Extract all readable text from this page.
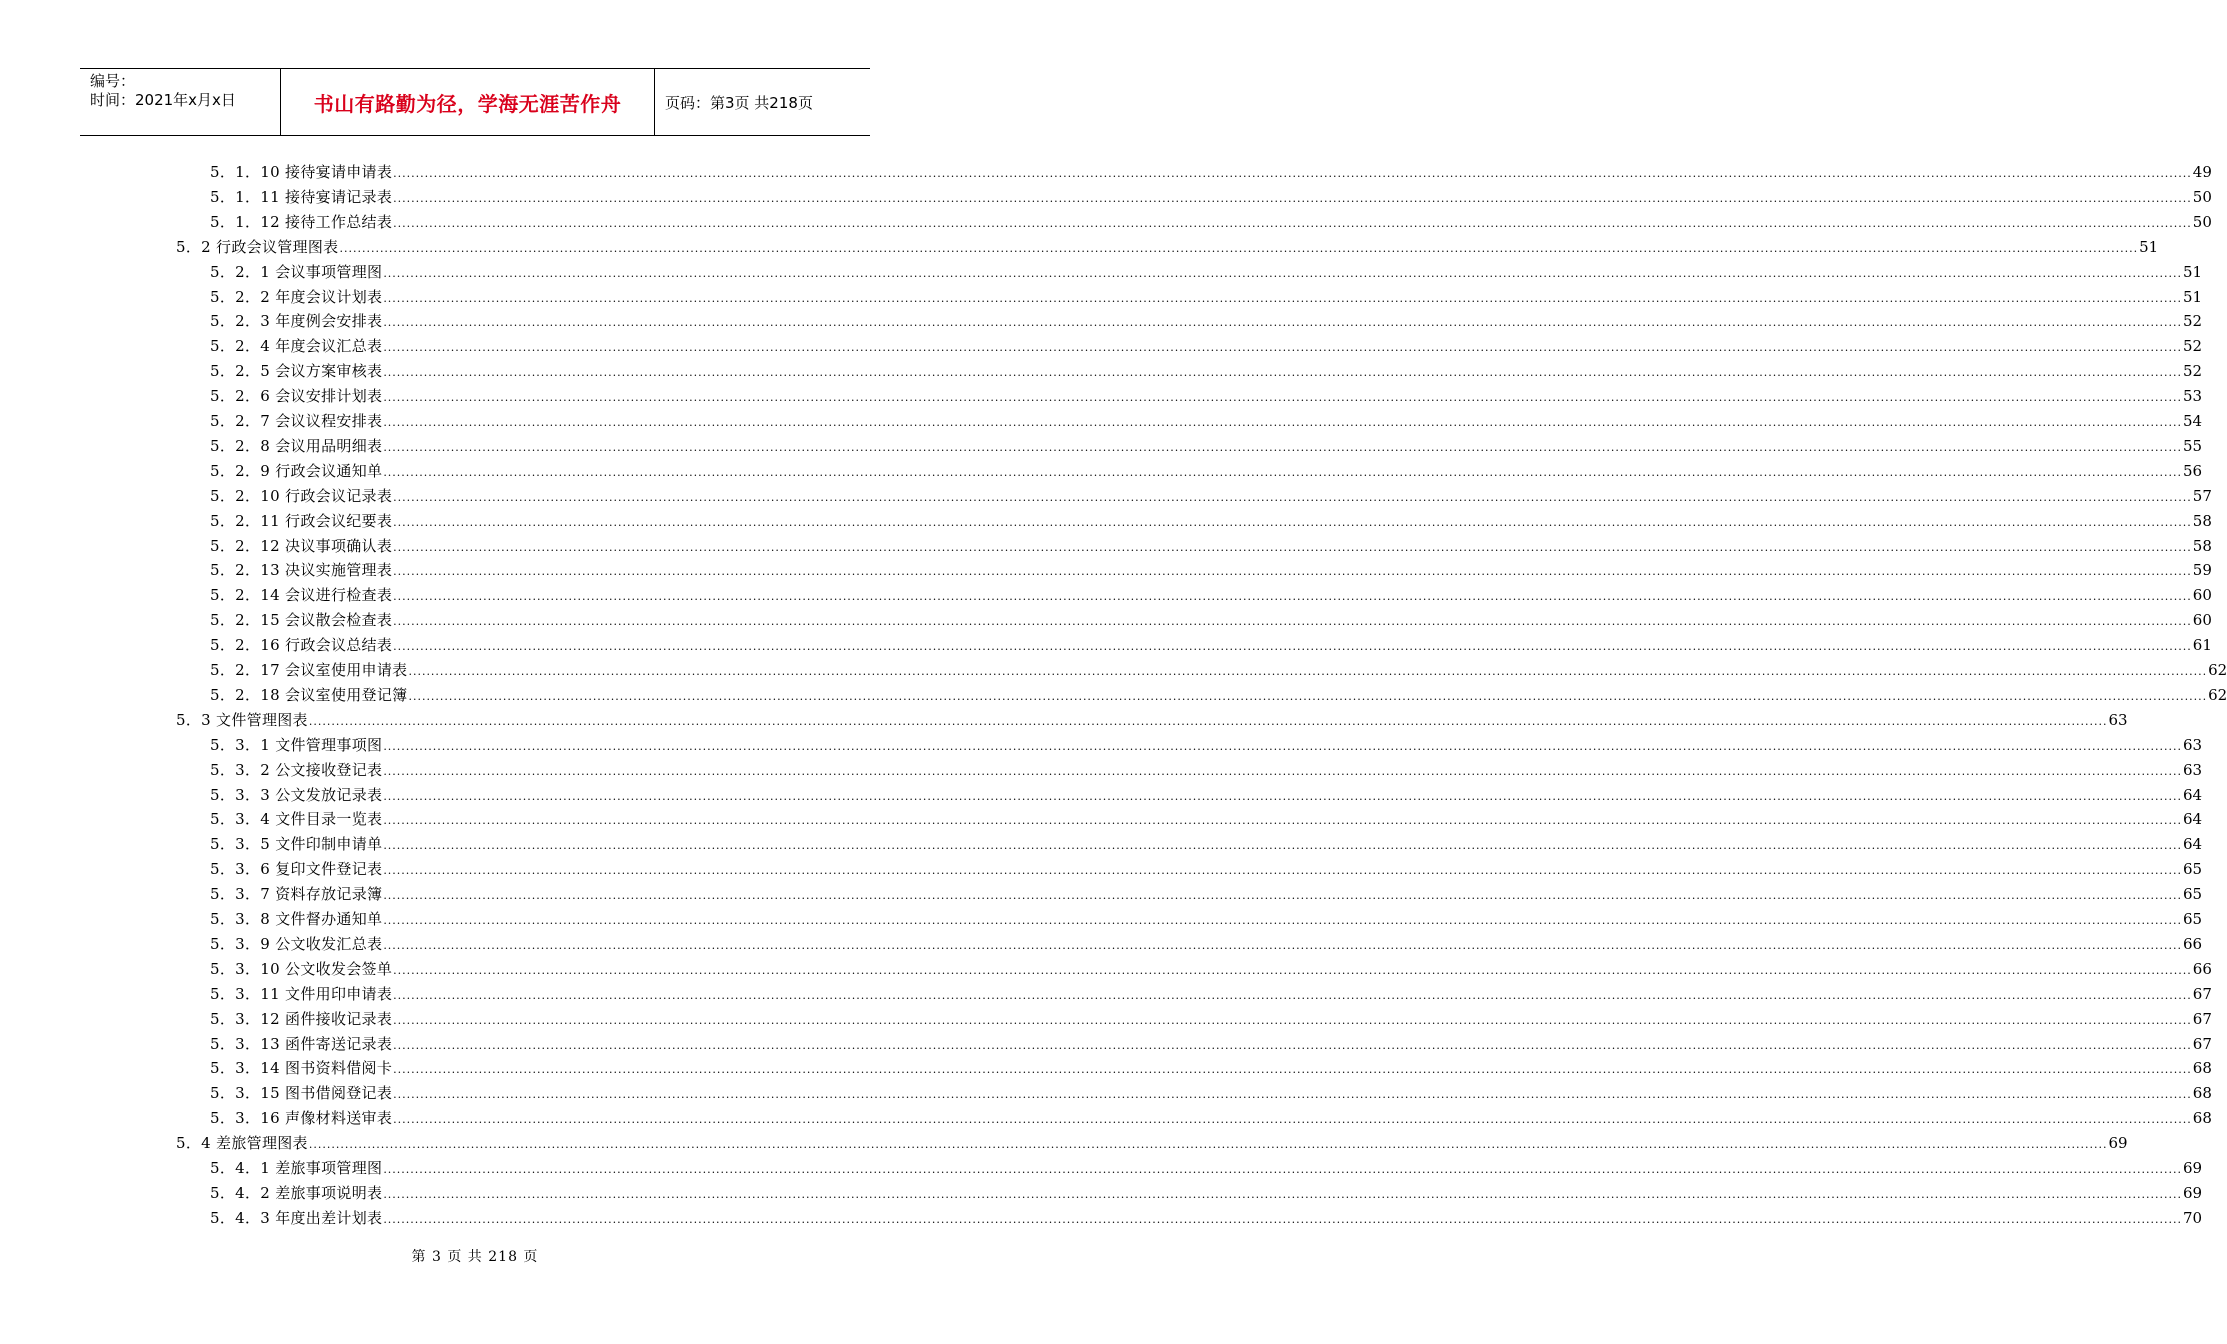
编号：
时间：2021年x月x日	书山有路勤为径，学海无涯苦作舟	页码：第3页 共218页
5．1．10 接待宴请申请表 ................................................................................................................................................................................................................................................................................................................................................................................................................ 49
5．1．11 接待宴请记录表 ................................................................................................................................................................................................................................................................................................................................................................................................................ 50
5．1．12 接待工作总结表 ................................................................................................................................................................................................................................................................................................................................................................................................................ 50
5．2 行政会议管理图表 ................................................................................................................................................................................................................................................................................................................................................................................................................ 51
5．2．1 会议事项管理图 ................................................................................................................................................................................................................................................................................................................................................................................................................ 51
5．2．2 年度会议计划表 ................................................................................................................................................................................................................................................................................................................................................................................................................ 51
5．2．3 年度例会安排表 ................................................................................................................................................................................................................................................................................................................................................................................................................ 52
5．2．4 年度会议汇总表 ................................................................................................................................................................................................................................................................................................................................................................................................................ 52
5．2．5 会议方案审核表 ................................................................................................................................................................................................................................................................................................................................................................................................................ 52
5．2．6 会议安排计划表 ................................................................................................................................................................................................................................................................................................................................................................................................................ 53
5．2．7 会议议程安排表 ................................................................................................................................................................................................................................................................................................................................................................................................................ 54
5．2．8 会议用品明细表 ................................................................................................................................................................................................................................................................................................................................................................................................................ 55
5．2．9 行政会议通知单 ................................................................................................................................................................................................................................................................................................................................................................................................................ 56
5．2．10 行政会议记录表 ................................................................................................................................................................................................................................................................................................................................................................................................................ 57
5．2．11 行政会议纪要表 ................................................................................................................................................................................................................................................................................................................................................................................................................ 58
5．2．12 决议事项确认表 ................................................................................................................................................................................................................................................................................................................................................................................................................ 58
5．2．13 决议实施管理表 ................................................................................................................................................................................................................................................................................................................................................................................................................ 59
5．2．14 会议进行检查表 ................................................................................................................................................................................................................................................................................................................................................................................................................ 60
5．2．15 会议散会检查表 ................................................................................................................................................................................................................................................................................................................................................................................................................ 60
5．2．16 行政会议总结表 ................................................................................................................................................................................................................................................................................................................................................................................................................ 61
5．2．17 会议室使用申请表 ................................................................................................................................................................................................................................................................................................................................................................................................................ 62
5．2．18 会议室使用登记簿 ................................................................................................................................................................................................................................................................................................................................................................................................................ 62
5．3 文件管理图表 ................................................................................................................................................................................................................................................................................................................................................................................................................ 63
5．3．1 文件管理事项图 ................................................................................................................................................................................................................................................................................................................................................................................................................ 63
5．3．2 公文接收登记表 ................................................................................................................................................................................................................................................................................................................................................................................................................ 63
5．3．3 公文发放记录表 ................................................................................................................................................................................................................................................................................................................................................................................................................ 64
5．3．4 文件目录一览表 ................................................................................................................................................................................................................................................................................................................................................................................................................ 64
5．3．5 文件印制申请单 ................................................................................................................................................................................................................................................................................................................................................................................................................ 64
5．3．6 复印文件登记表 ................................................................................................................................................................................................................................................................................................................................................................................................................ 65
5．3．7 资料存放记录簿 ................................................................................................................................................................................................................................................................................................................................................................................................................ 65
5．3．8 文件督办通知单 ................................................................................................................................................................................................................................................................................................................................................................................................................ 65
5．3．9 公文收发汇总表 ................................................................................................................................................................................................................................................................................................................................................................................................................ 66
5．3．10 公文收发会签单 ................................................................................................................................................................................................................................................................................................................................................................................................................ 66
5．3．11 文件用印申请表 ................................................................................................................................................................................................................................................................................................................................................................................................................ 67
5．3．12 函件接收记录表 ................................................................................................................................................................................................................................................................................................................................................................................................................ 67
5．3．13 函件寄送记录表 ................................................................................................................................................................................................................................................................................................................................................................................................................ 67
5．3．14 图书资料借阅卡 ................................................................................................................................................................................................................................................................................................................................................................................................................ 68
5．3．15 图书借阅登记表 ................................................................................................................................................................................................................................................................................................................................................................................................................ 68
5．3．16 声像材料送审表 ................................................................................................................................................................................................................................................................................................................................................................................................................ 68
5．4 差旅管理图表 ................................................................................................................................................................................................................................................................................................................................................................................................................ 69
5．4．1 差旅事项管理图 ................................................................................................................................................................................................................................................................................................................................................................................................................ 69
5．4．2 差旅事项说明表 ................................................................................................................................................................................................................................................................................................................................................................................................................ 69
5．4．3 年度出差计划表 ................................................................................................................................................................................................................................................................................................................................................................................................................ 70
第 3 页 共 218 页
